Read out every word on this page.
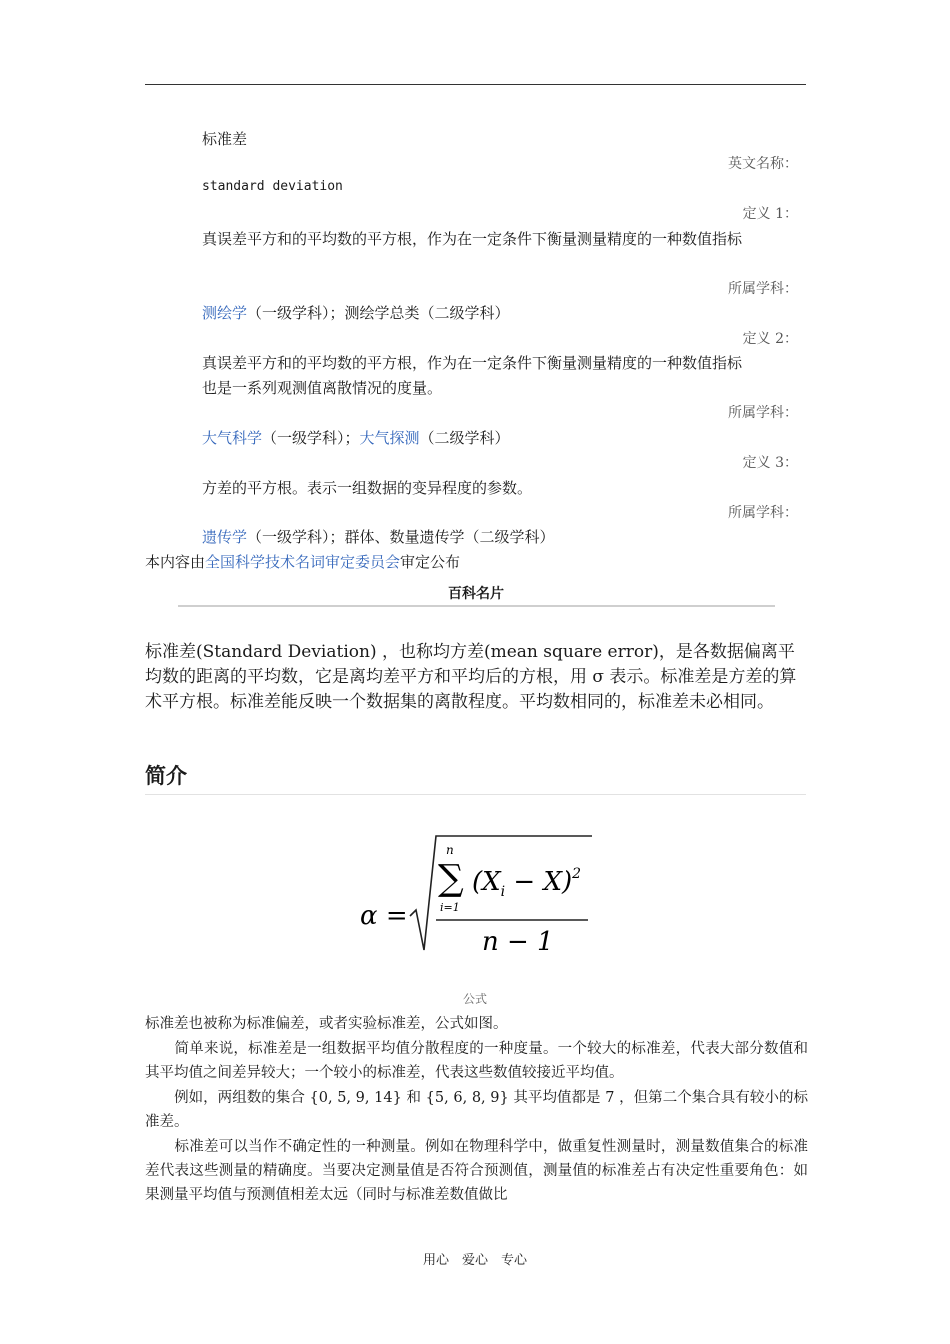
标准差
英文名称：
standard deviation
定义 1：
真误差平方和的平均数的平方根，作为在一定条件下衡量测量精度的一种数值指标
所属学科：
测绘学（一级学科）；测绘学总类（二级学科）
定义 2：
真误差平方和的平均数的平方根，作为在一定条件下衡量测量精度的一种数值指标
也是一系列观测值离散情况的度量。
所属学科：
大气科学（一级学科）；大气探测（二级学科）
定义 3：
方差的平方根。表示一组数据的变异程度的参数。
所属学科：
遗传学（一级学科）；群体、数量遗传学（二级学科）
本内容由全国科学技术名词审定委员会审定公布
百科名片
标准差(Standard Deviation) ，也称均方差(mean square error)，是各数据偏离平均数的距离的平均数，它是离均差平方和平均后的方根，用 σ 表示。标准差是方差的算术平方根。标准差能反映一个数据集的离散程度。平均数相同的，标准差未必相同。
简介
α =
n
∑
i=1
$(X_i - X)^2$
n − 1
公式
标准差也被称为标准偏差，或者实验标准差，公式如图。
　　简单来说，标准差是一组数据平均值分散程度的一种度量。一个较大的标准差，代表大部分数值和其平均值之间差异较大；一个较小的标准差，代表这些数值较接近平均值。
　　例如，两组数的集合 {0, 5, 9, 14} 和 {5, 6, 8, 9} 其平均值都是 7 ，但第二个集合具有较小的标准差。
　　标准差可以当作不确定性的一种测量。例如在物理科学中，做重复性测量时，测量数值集合的标准差代表这些测量的精确度。当要决定测量值是否符合预测值，测量值的标准差占有决定性重要角色：如果测量平均值与预测值相差太远（同时与标准差数值做比
用心　爱心　专心
